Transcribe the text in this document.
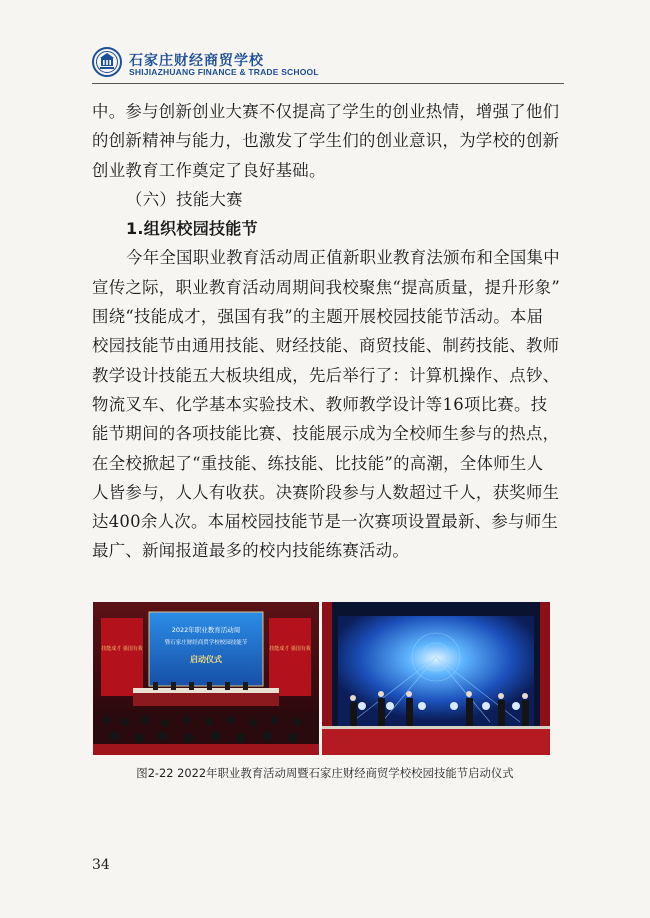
石家庄财经商贸学校
SHIJIAZHUANG FINANCE & TRADE SCHOOL
中。参与创新创业大赛不仅提高了学生的创业热情，增强了他们
的创新精神与能力，也激发了学生们的创业意识，为学校的创新
创业教育工作奠定了良好基础。
（六）技能大赛
1.组织校园技能节
今年全国职业教育活动周正值新职业教育法颁布和全国集中
宣传之际，职业教育活动周期间我校聚焦“提高质量，提升形象”
围绕“技能成才，强国有我”的主题开展校园技能节活动。本届
校园技能节由通用技能、财经技能、商贸技能、制药技能、教师
教学设计技能五大板块组成，先后举行了：计算机操作、点钞、
物流叉车、化学基本实验技术、教师教学设计等16项比赛。技
能节期间的各项技能比赛、技能展示成为全校师生参与的热点，
在全校掀起了“重技能、练技能、比技能”的高潮，全体师生人
人皆参与，人人有收获。决赛阶段参与人数超过千人，获奖师生
达400余人次。本届校园技能节是一次赛项设置最新、参与师生
最广、新闻报道最多的校内技能练赛活动。
2022年职业教育活动周
暨石家庄财经商贸学校校园技能节
启动仪式
技能成才 强国有我	技能成才 强国有我
图2-22 2022年职业教育活动周暨石家庄财经商贸学校校园技能节启动仪式
34
